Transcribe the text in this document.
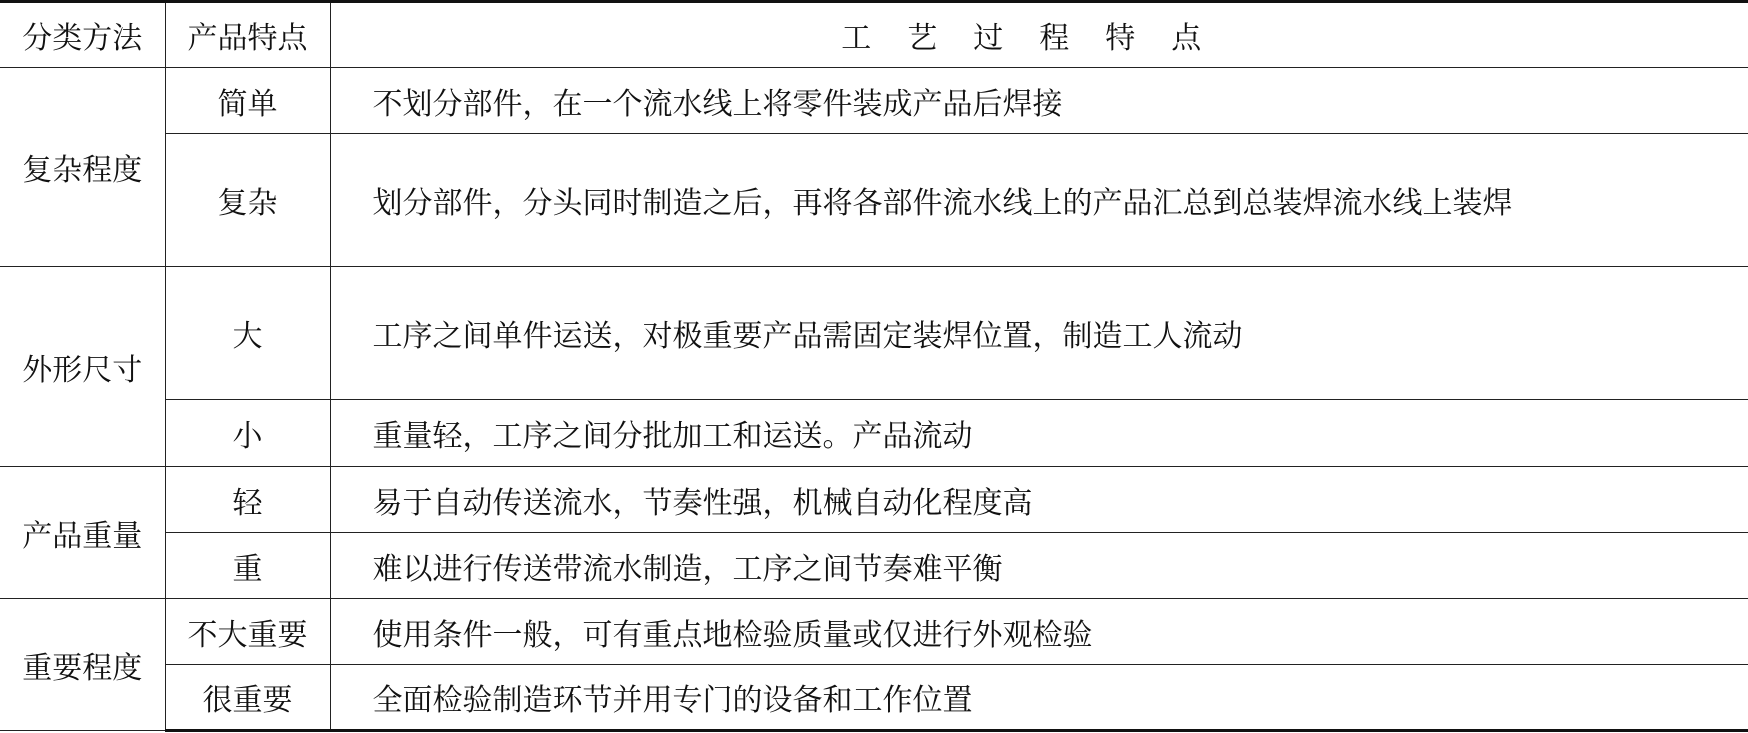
分类方法	产品特点	工艺过程特点
复杂程度	简单	不划分部件，在一个流水线上将零件装成产品后焊接
	复杂	划分部件，分头同时制造之后，再将各部件流水线上的产品汇总到总装焊流水线上装焊
外形尺寸	大	工序之间单件运送，对极重要产品需固定装焊位置，制造工人流动
	小	重量轻，工序之间分批加工和运送。产品流动
产品重量	轻	易于自动传送流水，节奏性强，机械自动化程度高
	重	难以进行传送带流水制造，工序之间节奏难平衡
重要程度	不大重要	使用条件一般，可有重点地检验质量或仅进行外观检验
	很重要	全面检验制造环节并用专门的设备和工作位置
